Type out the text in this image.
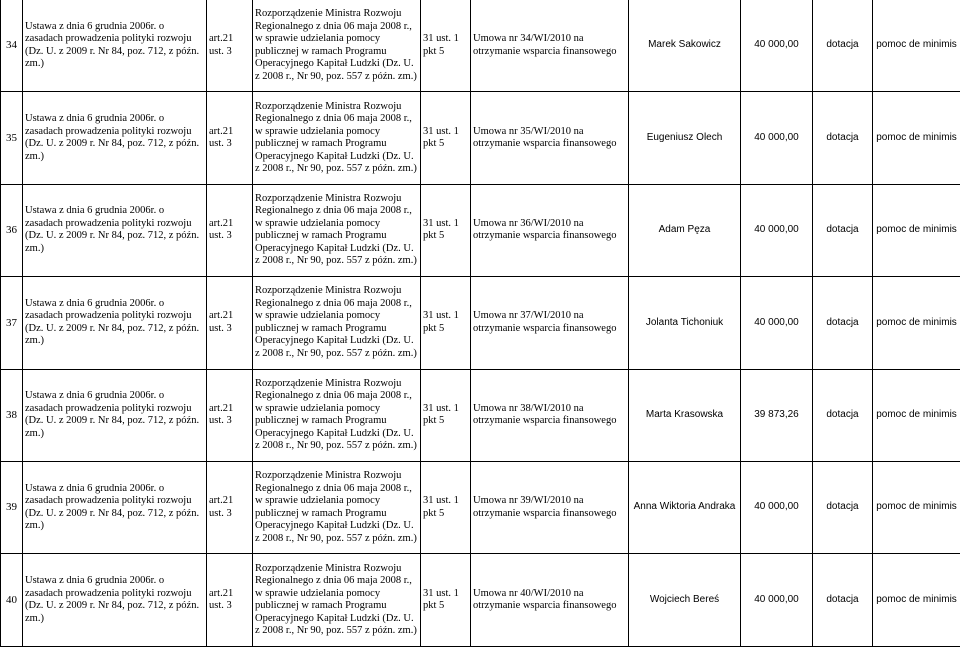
34	Ustawa z dnia 6 grudnia 2006r. o zasadach prowadzenia polityki rozwoju (Dz. U. z 2009 r. Nr 84, poz. 712, z późn. zm.)	art.21 ust. 3	Rozporządzenie Ministra Rozwoju Regionalnego z dnia 06 maja 2008 r., w sprawie udzielania pomocy publicznej w ramach Programu Operacyjnego Kapitał Ludzki (Dz. U. z 2008 r., Nr 90, poz. 557 z późn. zm.)	31 ust. 1 pkt 5	Umowa nr 34/WI/2010 na otrzymanie wsparcia finansowego	Marek Sakowicz	40 000,00	dotacja	pomoc de minimis
35	Ustawa z dnia 6 grudnia 2006r. o zasadach prowadzenia polityki rozwoju (Dz. U. z 2009 r. Nr 84, poz. 712, z późn. zm.)	art.21 ust. 3	Rozporządzenie Ministra Rozwoju Regionalnego z dnia 06 maja 2008 r., w sprawie udzielania pomocy publicznej w ramach Programu Operacyjnego Kapitał Ludzki (Dz. U. z 2008 r., Nr 90, poz. 557 z późn. zm.)	31 ust. 1 pkt 5	Umowa nr 35/WI/2010 na otrzymanie wsparcia finansowego	Eugeniusz Olech	40 000,00	dotacja	pomoc de minimis
36	Ustawa z dnia 6 grudnia 2006r. o zasadach prowadzenia polityki rozwoju (Dz. U. z 2009 r. Nr 84, poz. 712, z późn. zm.)	art.21 ust. 3	Rozporządzenie Ministra Rozwoju Regionalnego z dnia 06 maja 2008 r., w sprawie udzielania pomocy publicznej w ramach Programu Operacyjnego Kapitał Ludzki (Dz. U. z 2008 r., Nr 90, poz. 557 z późn. zm.)	31 ust. 1 pkt 5	Umowa nr 36/WI/2010 na otrzymanie wsparcia finansowego	Adam Pęza	40 000,00	dotacja	pomoc de minimis
37	Ustawa z dnia 6 grudnia 2006r. o zasadach prowadzenia polityki rozwoju (Dz. U. z 2009 r. Nr 84, poz. 712, z późn. zm.)	art.21 ust. 3	Rozporządzenie Ministra Rozwoju Regionalnego z dnia 06 maja 2008 r., w sprawie udzielania pomocy publicznej w ramach Programu Operacyjnego Kapitał Ludzki (Dz. U. z 2008 r., Nr 90, poz. 557 z późn. zm.)	31 ust. 1 pkt 5	Umowa nr 37/WI/2010 na otrzymanie wsparcia finansowego	Jolanta Tichoniuk	40 000,00	dotacja	pomoc de minimis
38	Ustawa z dnia 6 grudnia 2006r. o zasadach prowadzenia polityki rozwoju (Dz. U. z 2009 r. Nr 84, poz. 712, z późn. zm.)	art.21 ust. 3	Rozporządzenie Ministra Rozwoju Regionalnego z dnia 06 maja 2008 r., w sprawie udzielania pomocy publicznej w ramach Programu Operacyjnego Kapitał Ludzki (Dz. U. z 2008 r., Nr 90, poz. 557 z późn. zm.)	31 ust. 1 pkt 5	Umowa nr 38/WI/2010 na otrzymanie wsparcia finansowego	Marta Krasowska	39 873,26	dotacja	pomoc de minimis
39	Ustawa z dnia 6 grudnia 2006r. o zasadach prowadzenia polityki rozwoju (Dz. U. z 2009 r. Nr 84, poz. 712, z późn. zm.)	art.21 ust. 3	Rozporządzenie Ministra Rozwoju Regionalnego z dnia 06 maja 2008 r., w sprawie udzielania pomocy publicznej w ramach Programu Operacyjnego Kapitał Ludzki (Dz. U. z 2008 r., Nr 90, poz. 557 z późn. zm.)	31 ust. 1 pkt 5	Umowa nr 39/WI/2010 na otrzymanie wsparcia finansowego	Anna Wiktoria Andraka	40 000,00	dotacja	pomoc de minimis
40	Ustawa z dnia 6 grudnia 2006r. o zasadach prowadzenia polityki rozwoju (Dz. U. z 2009 r. Nr 84, poz. 712, z późn. zm.)	art.21 ust. 3	Rozporządzenie Ministra Rozwoju Regionalnego z dnia 06 maja 2008 r., w sprawie udzielania pomocy publicznej w ramach Programu Operacyjnego Kapitał Ludzki (Dz. U. z 2008 r., Nr 90, poz. 557 z późn. zm.)	31 ust. 1 pkt 5	Umowa nr 40/WI/2010 na otrzymanie wsparcia finansowego	Wojciech Bereś	40 000,00	dotacja	pomoc de minimis
